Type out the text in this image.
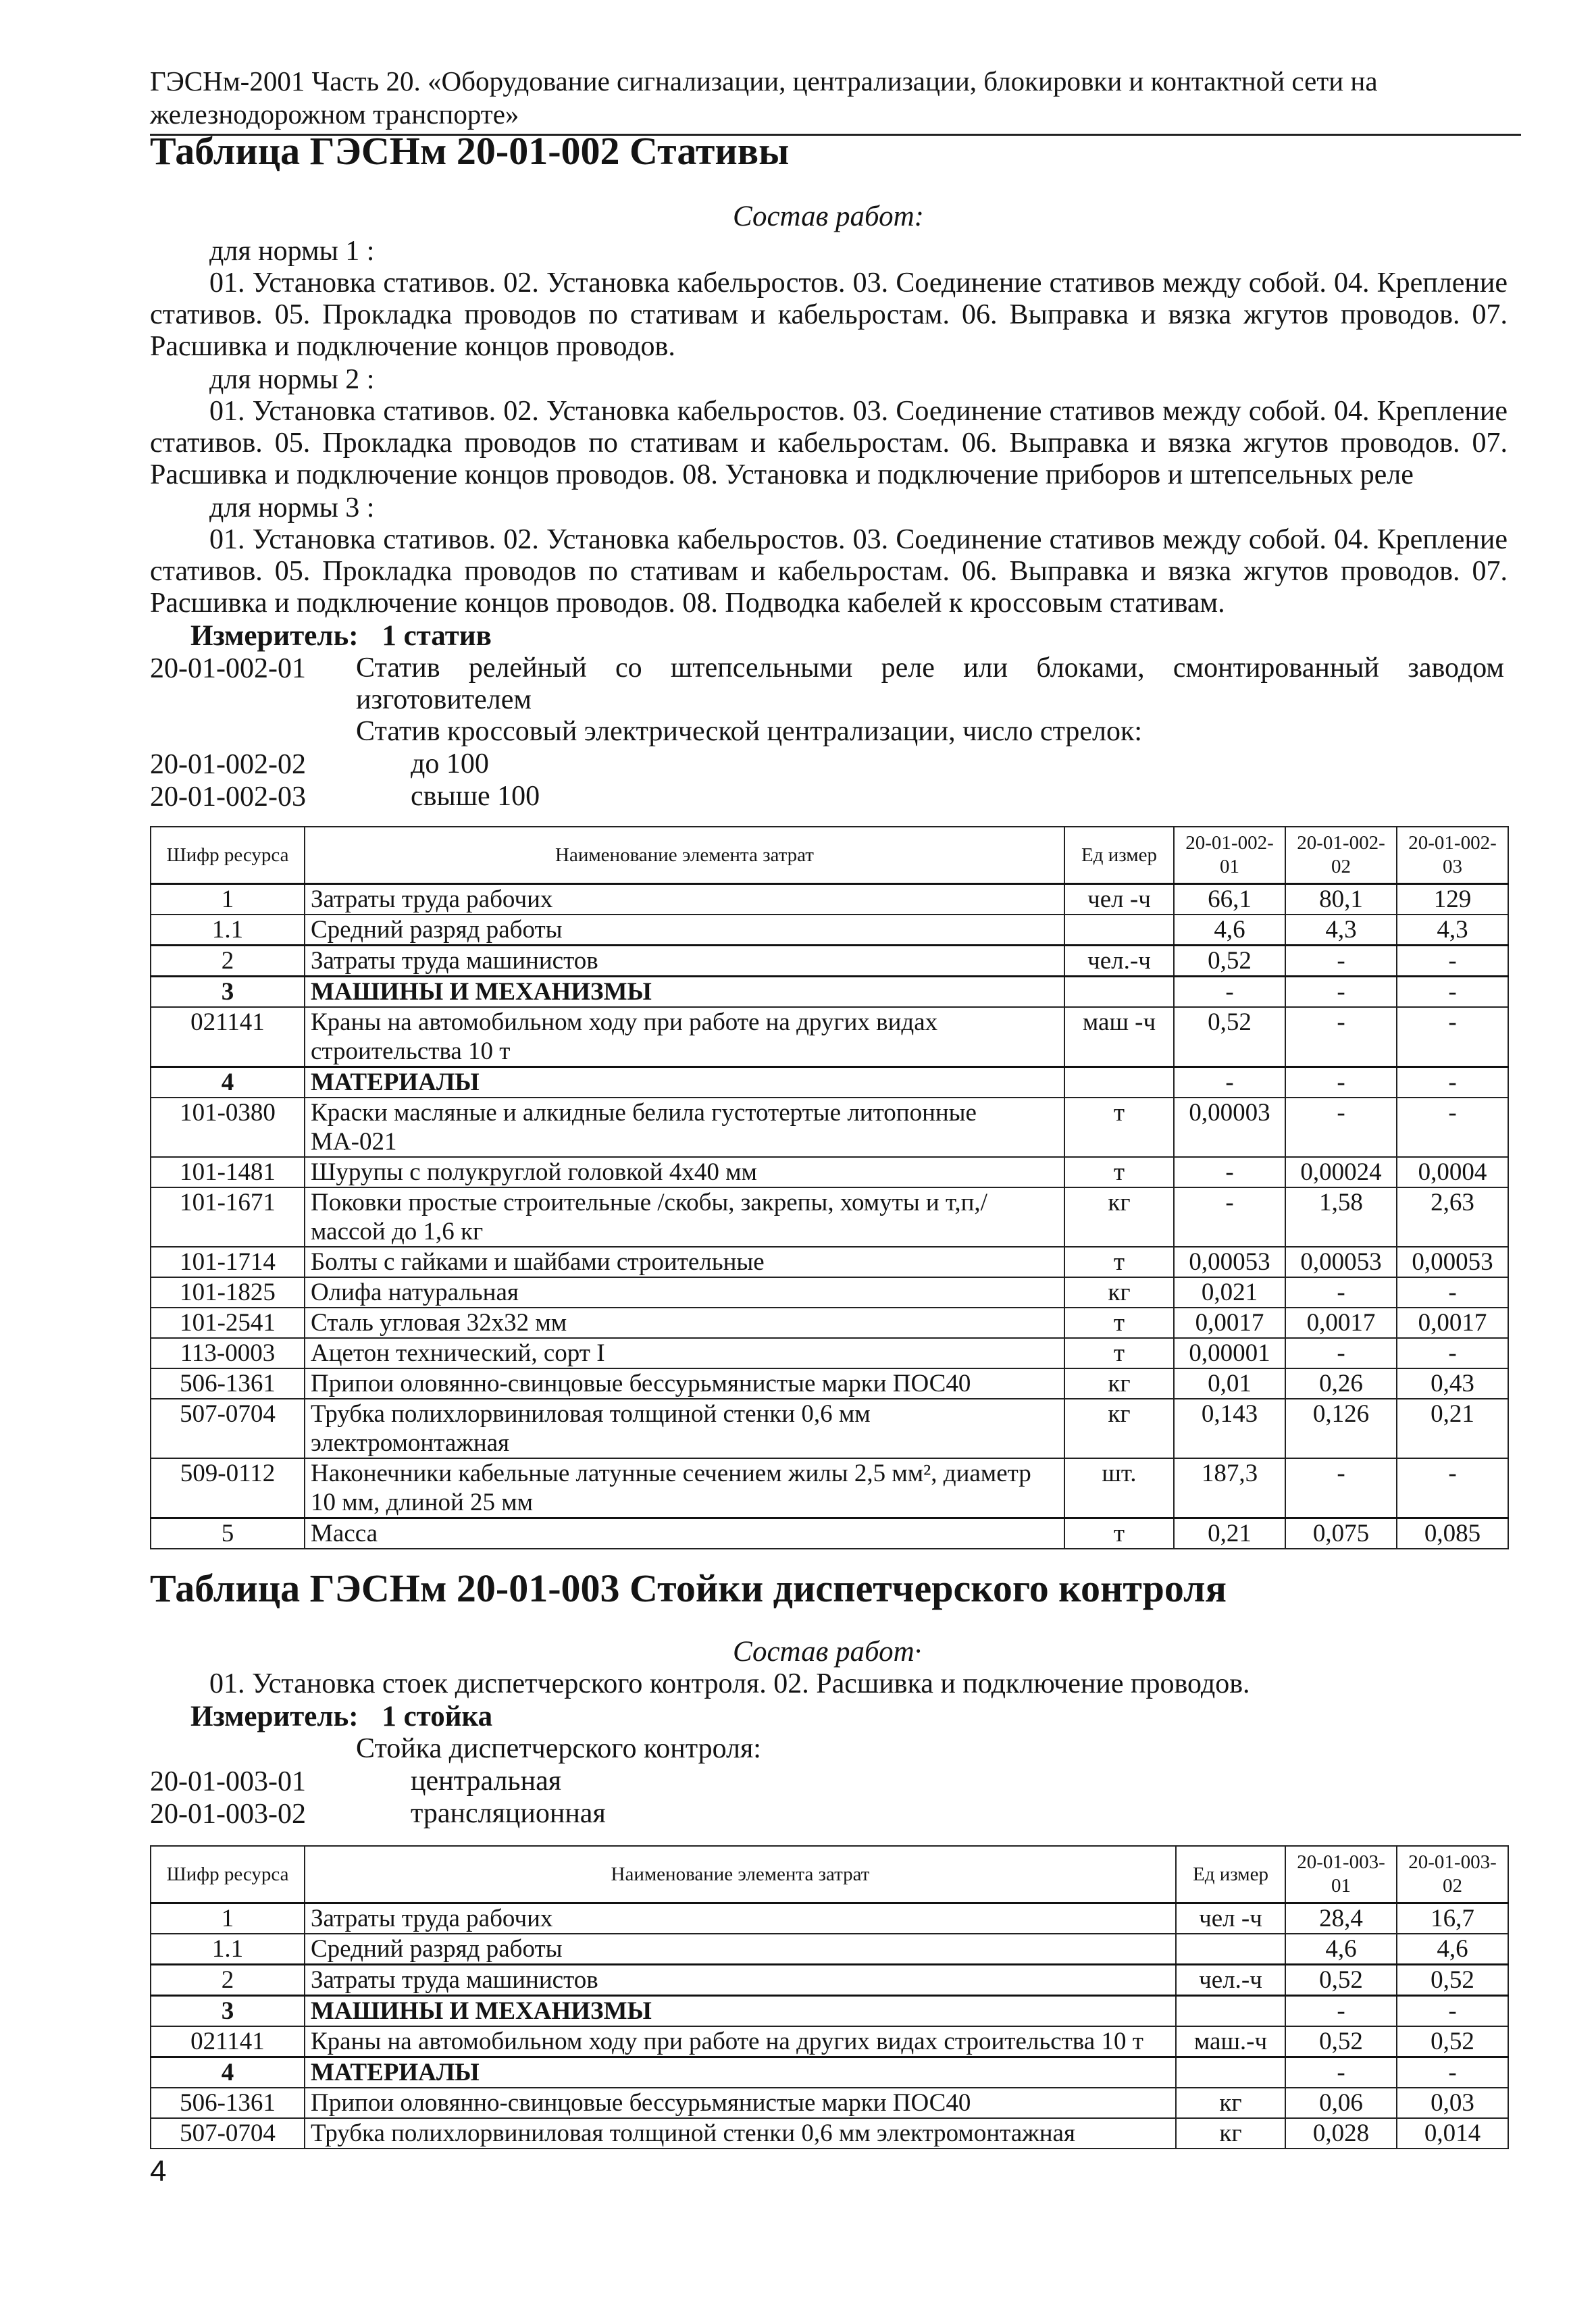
ГЭСНм-2001 Часть 20. «Оборудование сигнализации, централизации, блокировки и контактной сети на железнодорожном транспорте»
Таблица ГЭСНм 20-01-002 Стативы
Состав работ:
для нормы 1 :
01. Установка стативов. 02. Установка кабельростов. 03. Соединение стативов между собой. 04. Крепление стативов. 05. Прокладка проводов по стативам и кабельростам. 06. Выправка и вязка жгутов проводов. 07. Расшивка и подключение концов проводов.
для нормы 2 :
01. Установка стативов. 02. Установка кабельростов. 03. Соединение стативов между собой. 04. Крепление стативов. 05. Прокладка проводов по стативам и кабельростам. 06. Выправка и вязка жгутов проводов. 07. Расшивка и подключение концов проводов. 08. Установка и подключение приборов и штепсельных реле
для нормы 3 :
01. Установка стативов. 02. Установка кабельростов. 03. Соединение стативов между собой. 04. Крепление стативов. 05. Прокладка проводов по стативам и кабельростам. 06. Выправка и вязка жгутов проводов. 07. Расшивка и подключение концов проводов. 08. Подводка кабелей к кроссовым стативам.
Измеритель: 1 статив
20-01-002-01 Статив релейный со штепсельными реле или блоками, смонтированный заводом изготовителем
Статив кроссовый электрической централизации, число стрелок:
20-01-002-02	до 100
20-01-002-03	свыше 100
Шифр ресурса	Наименование элемента затрат	Ед измер	20-01-002-01	20-01-002-02	20-01-002-03
1	Затраты труда рабочих	чел -ч	66,1	80,1	129
1.1	Средний разряд работы		4,6	4,3	4,3
2	Затраты труда машинистов	чел.-ч	0,52	-	-
3	МАШИНЫ И МЕХАНИЗМЫ		-	-	-
021141	Краны на автомобильном ходу при работе на других видах строительства 10 т	маш -ч	0,52	-	-
4	МАТЕРИАЛЫ		-	-	-
101-0380	Краски масляные и алкидные белила густотертые литопонные МА-021	т	0,00003	-	-
101-1481	Шурупы с полукруглой головкой 4x40 мм	т	-	0,00024	0,0004
101-1671	Поковки простые строительные /скобы, закрепы, хомуты и т,п,/ массой до 1,6 кг	кг	-	1,58	2,63
101-1714	Болты с гайками и шайбами строительные	т	0,00053	0,00053	0,00053
101-1825	Олифа натуральная	кг	0,021	-	-
101-2541	Сталь угловая 32x32 мм	т	0,0017	0,0017	0,0017
113-0003	Ацетон технический, сорт I	т	0,00001	-	-
506-1361	Припои оловянно-свинцовые бессурьмянистые марки ПОС40	кг	0,01	0,26	0,43
507-0704	Трубка полихлорвиниловая толщиной стенки 0,6 мм электромонтажная	кг	0,143	0,126	0,21
509-0112	Наконечники кабельные латунные сечением жилы 2,5 мм², диаметр 10 мм, длиной 25 мм	шт.	187,3	-	-
5	Масса	т	0,21	0,075	0,085
Таблица ГЭСНм 20-01-003 Стойки диспетчерского контроля
Состав работ·
01. Установка стоек диспетчерского контроля. 02. Расшивка и подключение проводов.
Измеритель: 1 стойка
Стойка диспетчерского контроля:
20-01-003-01	центральная
20-01-003-02	трансляционная
Шифр ресурса	Наименование элемента затрат	Ед измер	20-01-003-01	20-01-003-02
1	Затраты труда рабочих	чел -ч	28,4	16,7
1.1	Средний разряд работы		4,6	4,6
2	Затраты труда машинистов	чел.-ч	0,52	0,52
3	МАШИНЫ И МЕХАНИЗМЫ		-	-
021141	Краны на автомобильном ходу при работе на других видах строительства 10 т	маш.-ч	0,52	0,52
4	МАТЕРИАЛЫ		-	-
506-1361	Припои оловянно-свинцовые бессурьмянистые марки ПОС40	кг	0,06	0,03
507-0704	Трубка полихлорвиниловая толщиной стенки 0,6 мм электромонтажная	кг	0,028	0,014
4
